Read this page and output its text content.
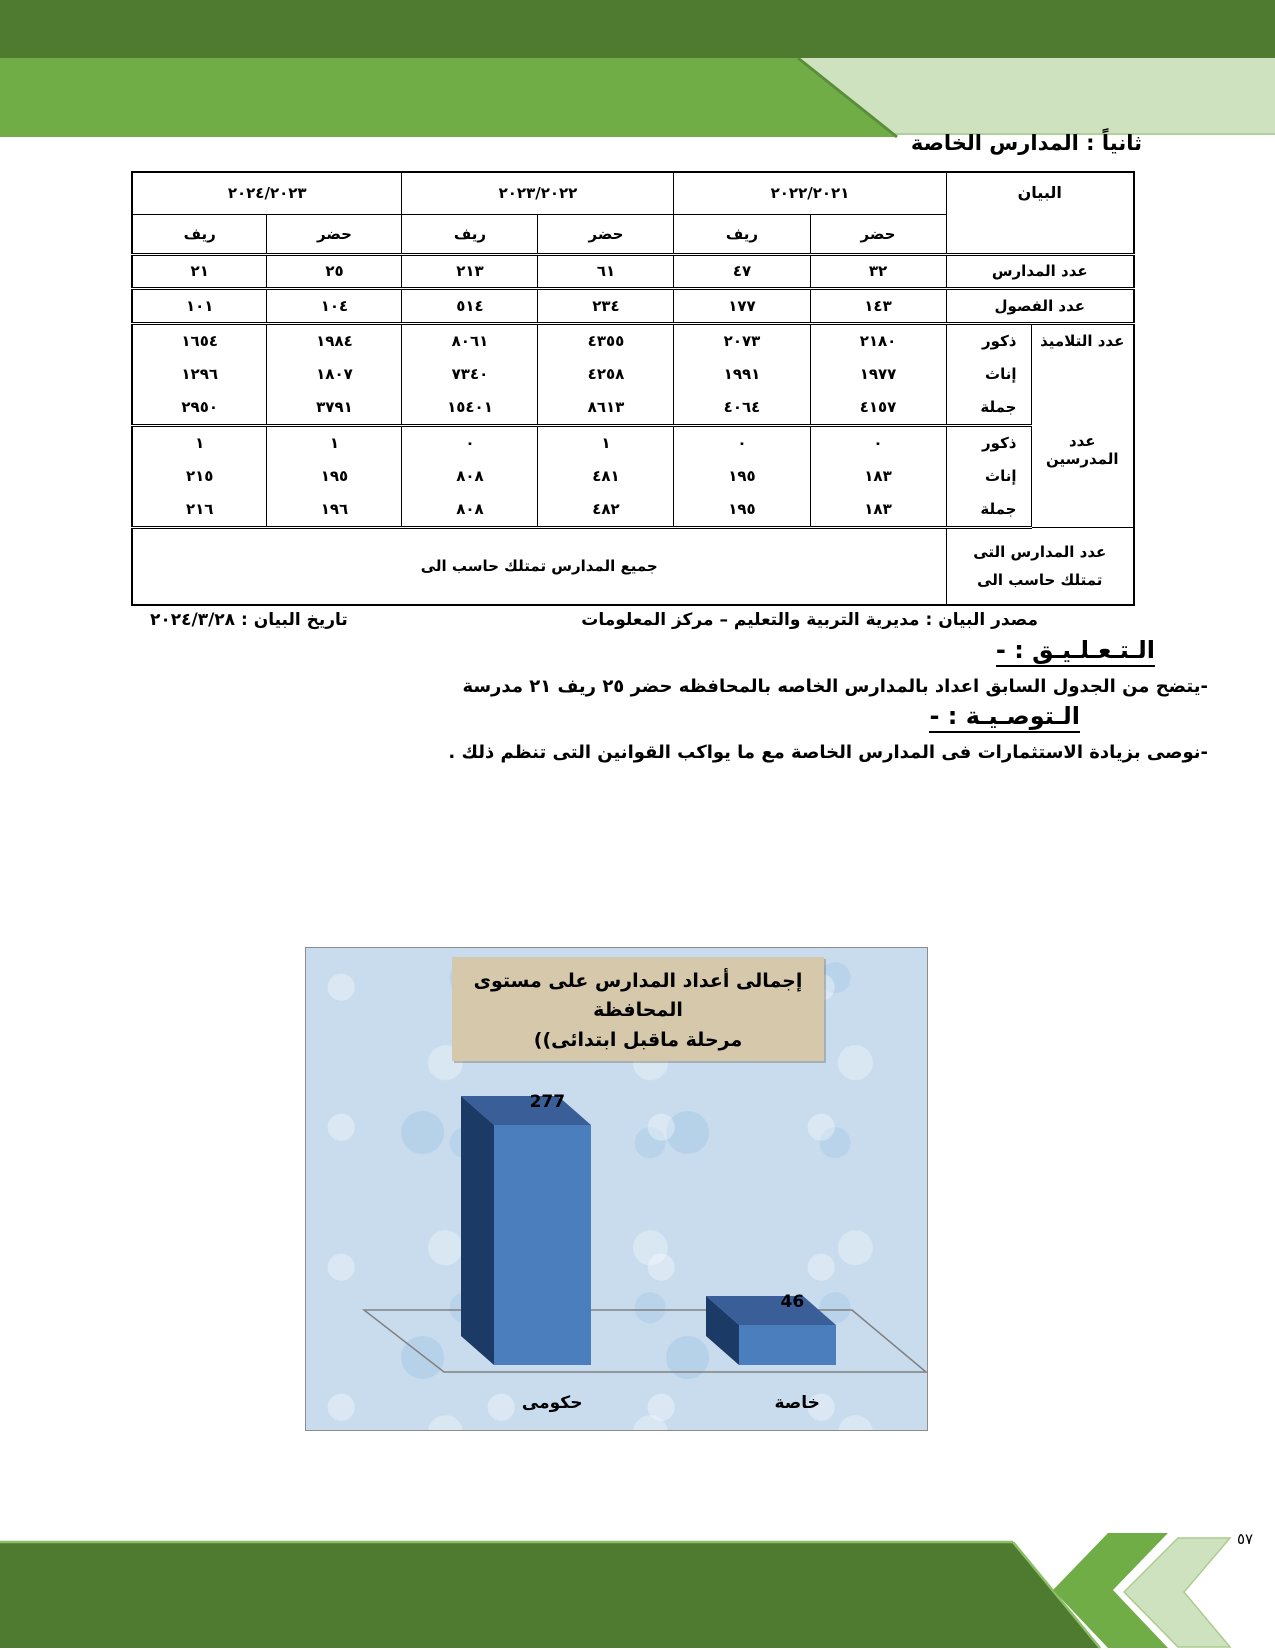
ثانياً : المدارس الخاصة
البيان		٢٠٢٢/٢٠٢١		٢٠٢٣/٢٠٢٢		٢٠٢٤/٢٠٢٣	
		حضر	ريف	حضر	ريف	حضر	ريف
عدد المدارس		٣٢	٤٧	٦١	٢١٣	٢٥	٢١
عدد الفصول		١٤٣	١٧٧	٢٣٤	٥١٤	١٠٤	١٠١
عدد التلاميذ	ذكور	٢١٨٠	٢٠٧٣	٤٣٥٥	٨٠٦١	١٩٨٤	١٦٥٤
	إناث	١٩٧٧	١٩٩١	٤٢٥٨	٧٣٤٠	١٨٠٧	١٢٩٦
	جملة	٤١٥٧	٤٠٦٤	٨٦١٣	١٥٤٠١	٣٧٩١	٢٩٥٠
عدد المدرسين	ذكور	٠	٠	١	٠	١	١
	إناث	١٨٣	١٩٥	٤٨١	٨٠٨	١٩٥	٢١٥
	جملة	١٨٣	١٩٥	٤٨٢	٨٠٨	١٩٦	٢١٦
عدد المدارس التى تمتلك حاسب الى		جميع المدارس تمتلك حاسب الى					
مصدر البيان : مديرية التربية والتعليم – مركز المعلومات
تاريخ البيان : ٢٠٢٤/٣/٢٨
الـتـعـلـيـق : -
-يتضح من الجدول السابق اعداد بالمدارس الخاصه بالمحافظه حضر ٢٥ ريف ٢١ مدرسة
الـتوصـيـة : -
-نوصى بزيادة الاستثمارات فى المدارس الخاصة مع ما يواكب القوانين التى تنظم ذلك .
277
حكومى
46
خاصة
إجمالى أعداد المدارس على مستوى المحافظة
مرحلة ماقبل ابتدائى))
٥٧
